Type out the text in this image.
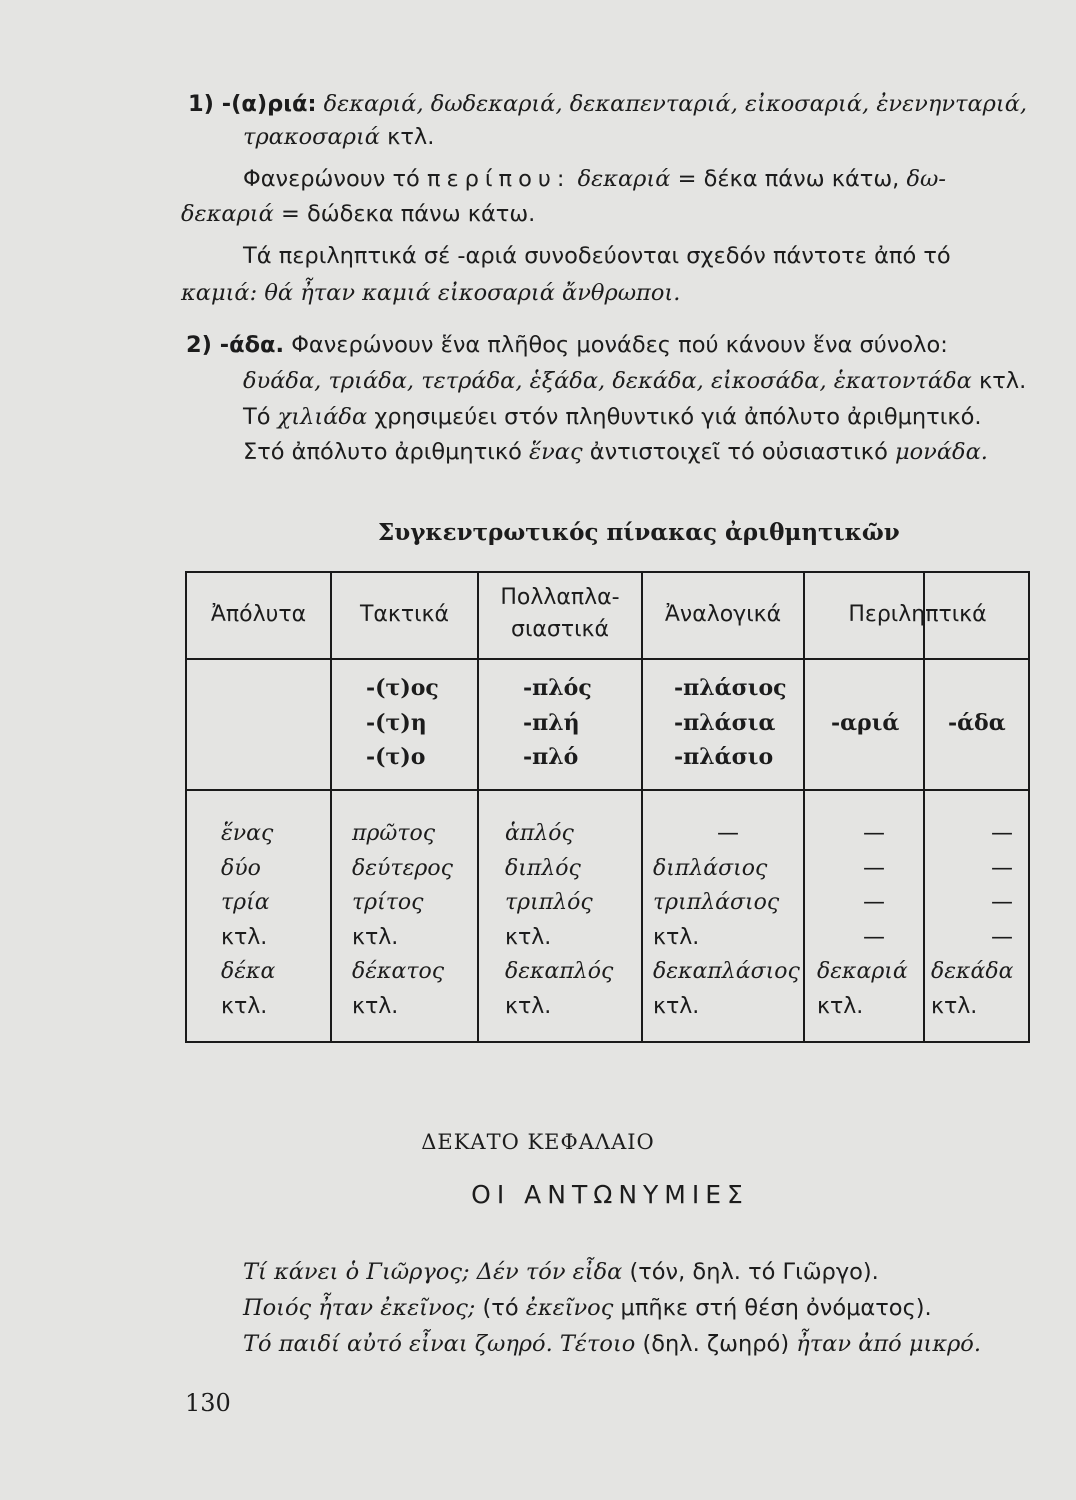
1) -(α)ριά: δεκαριά, δωδεκαριά, δεκαπενταριά, εἰκοσαριά, ἐνενηνταριά,
τρακοσαριά κτλ.
Φανερώνουν τό περίπου: δεκαριά = δέκα πάνω κάτω, δω-
δεκαριά = δώδεκα πάνω κάτω.
Τά περιληπτικά σέ -αριά συνοδεύονται σχεδόν πάντοτε ἀπό τό
καμιά: θά ἦταν καμιά εἰκοσαριά ἄνθρωποι.
2) -άδα. Φανερώνουν ἕνα πλῆθος μονάδες πού κάνουν ἕνα σύνολο:
δυάδα, τριάδα, τετράδα, ἑξάδα, δεκάδα, εἰκοσάδα, ἑκατοντάδα κτλ.
Τό χιλιάδα χρησιμεύει στόν πληθυντικό γιά ἀπόλυτο ἀριθμητικό.
Στό ἀπόλυτο ἀριθμητικό ἕνας ἀντιστοιχεῖ τό οὐσιαστικό μονάδα.
Συγκεντρωτικός πίνακας ἀριθμητικῶν
Ἀπόλυτα	Τακτικά
Πολλαπλα-
σιαστικά
Ἀναλογικά	Περιληπτικά
-(τ)ος
-(τ)η
-(τ)ο
-πλός
-πλή
-πλό
-πλάσιος
-πλάσια
-πλάσιο
-αριά -άδα
ἕνας
δύο
τρία
κτλ.
δέκα
κτλ.
πρῶτος
δεύτερος
τρίτος
κτλ.
δέκατος
κτλ.
ἁπλός
διπλός
τριπλός
κτλ.
δεκαπλός
κτλ.
—
διπλάσιος
τριπλάσιος
κτλ.
δεκαπλάσιος
κτλ.
—
—
—
—
δεκαριά
κτλ.
—
—
—
—
δεκάδα
κτλ.
ΔΕΚΑΤΟ ΚΕΦΑΛΑΙΟ
ΟΙ ΑΝΤΩΝΥΜΙΕΣ
Τί κάνει ὁ Γιῶργος; Δέν τόν εἶδα (τόν, δηλ. τό Γιῶργο).
Ποιός ἦταν ἐκεῖνος; (τό ἐκεῖνος μπῆκε στή θέση ὀνόματος).
Τό παιδί αὐτό εἶναι ζωηρό. Τέτοιο (δηλ. ζωηρό) ἦταν ἀπό μικρό.
130
